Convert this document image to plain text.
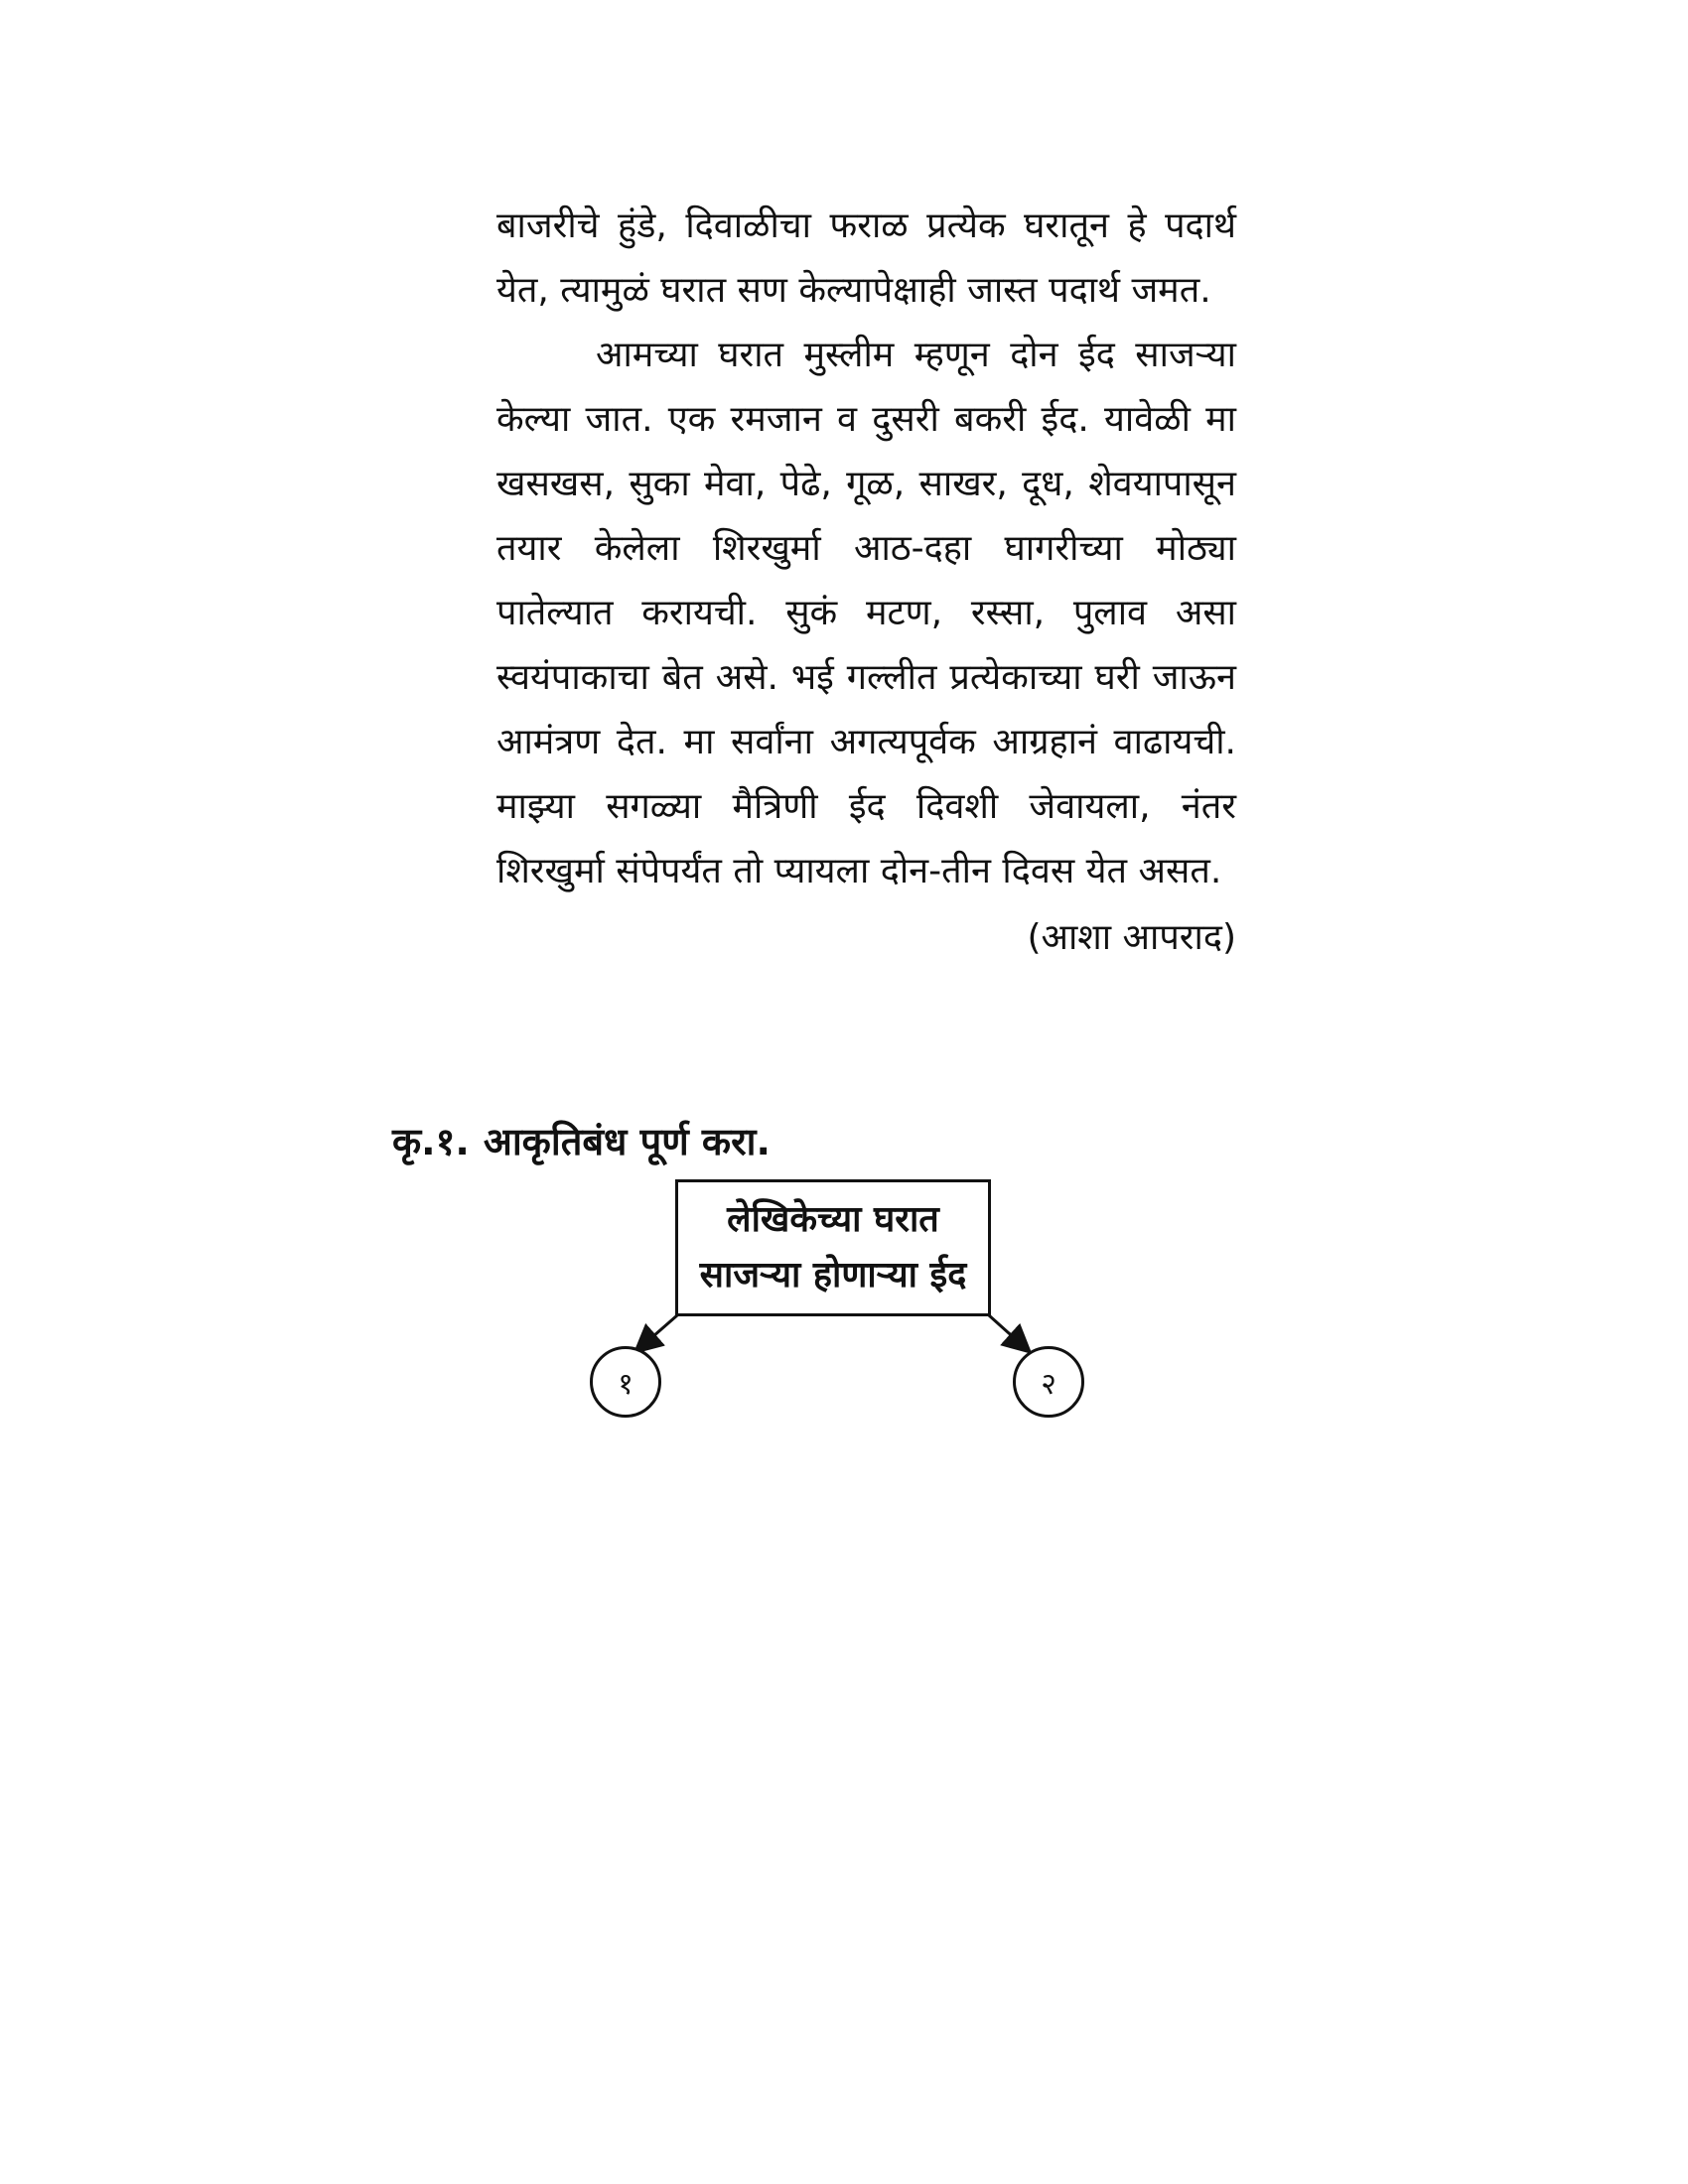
बाजरीचे हुंडे, दिवाळीचा फराळ प्रत्येक घरातून हे पदार्थ येत, त्यामुळं घरात सण केल्यापेक्षाही जास्त पदार्थ जमत.

आमच्या घरात मुस्लीम म्हणून दोन ईद साजऱ्या केल्या जात. एक रमजान व दुसरी बकरी ईद. यावेळी मा खसखस, सुका मेवा, पेढे, गूळ, साखर, दूध, शेवयापासून तयार केलेला शिरखुर्मा आठ-दहा घागरीच्या मोठ्या पातेल्यात करायची. सुकं मटण, रस्सा, पुलाव असा स्वयंपाकाचा बेत असे. भई गल्लीत प्रत्येकाच्या घरी जाऊन आमंत्रण देत. मा सर्वांना अगत्यपूर्वक आग्रहानं वाढायची. माझ्या सगळ्या मैत्रिणी ईद दिवशी जेवायला, नंतर शिरखुर्मा संपेपर्यंत तो प्यायला दोन-तीन दिवस येत असत.

(आशा आपराद)

कृ.१. आकृतिबंध पूर्ण करा.
लेखिकेच्या घरात
साजऱ्या होणाऱ्या ईद
१	२
